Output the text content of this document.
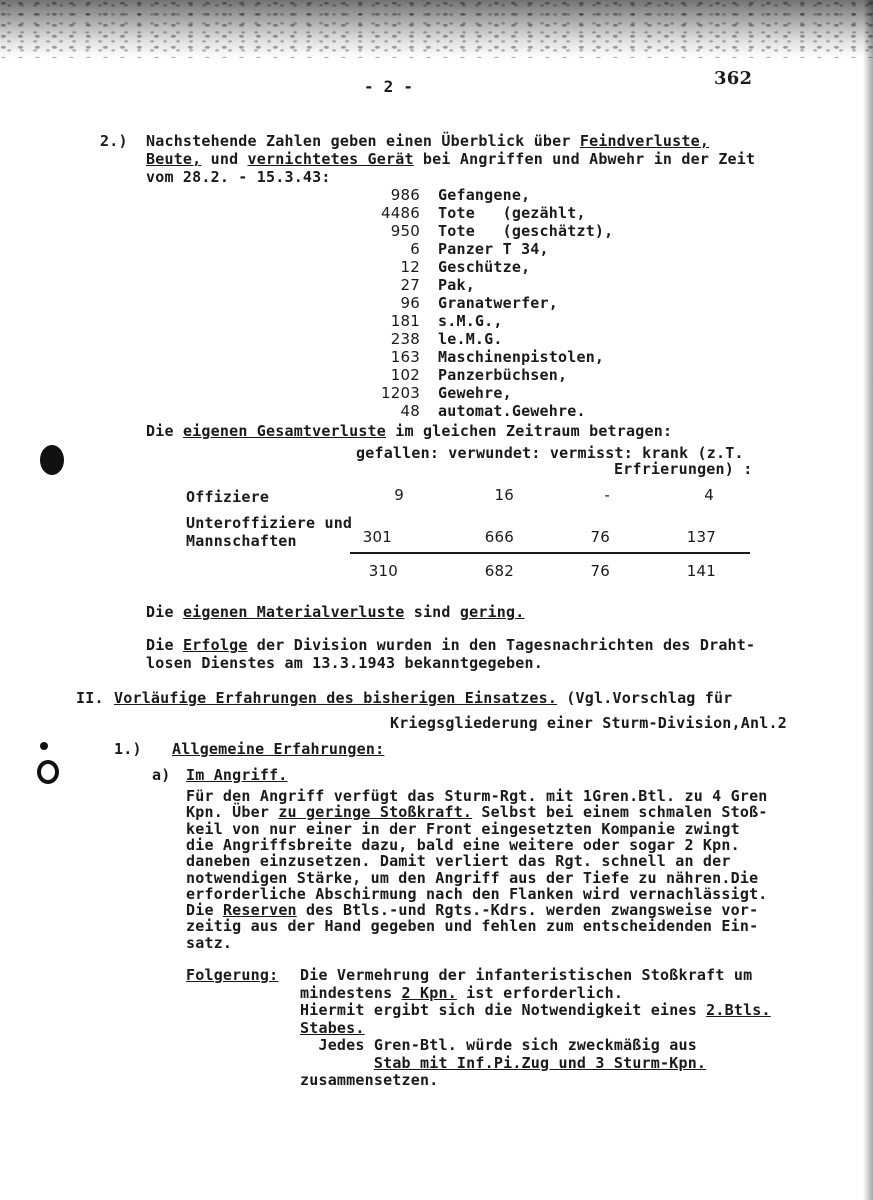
- 2 -	362
2.) Nachstehende Zahlen geben einen Überblick über Feindverluste,
Beute, und vernichtetes Gerät bei Angriffen und Abwehr in der Zeit
vom 28.2. - 15.3.43:
986 Gefangene,
4486 Tote   (gezählt,
950 Tote   (geschätzt),
6 Panzer T 34,
12 Geschütze,
27 Pak,
96 Granatwerfer,
181 s.M.G.,
238 le.M.G.
163 Maschinenpistolen,
102 Panzerbüchsen,
1203 Gewehre,
48 automat.Gewehre.
Die eigenen Gesamtverluste im gleichen Zeitraum betragen:
gefallen: verwundet: vermisst: krank (z.T.
Erfrierungen) :
Offiziere	9	16	-	4
Unteroffiziere und
Mannschaften	301	666	76	137
310	682	76	141
Die eigenen Materialverluste sind gering.
Die Erfolge der Division wurden in den Tagesnachrichten des Draht-
losen Dienstes am 13.3.1943 bekanntgegeben.
II. Vorläufige Erfahrungen des bisherigen Einsatzes. (Vgl.Vorschlag für
Kriegsgliederung einer Sturm-Division,Anl.2
1.) Allgemeine Erfahrungen:
a) Im Angriff.
Für den Angriff verfügt das Sturm-Rgt. mit 1Gren.Btl. zu 4 Gren
Kpn. Über zu geringe Stoßkraft. Selbst bei einem schmalen Stoß-
keil von nur einer in der Front eingesetzten Kompanie zwingt
die Angriffsbreite dazu, bald eine weitere oder sogar 2 Kpn.
daneben einzusetzen. Damit verliert das Rgt. schnell an der
notwendigen Stärke, um den Angriff aus der Tiefe zu nähren.Die
erforderliche Abschirmung nach den Flanken wird vernachlässigt.
Die Reserven des Btls.-und Rgts.-Kdrs. werden zwangsweise vor-
zeitig aus der Hand gegeben und fehlen zum entscheidenden Ein-
satz.
Folgerung: Die Vermehrung der infanteristischen Stoßkraft um
mindestens 2 Kpn. ist erforderlich.
Hiermit ergibt sich die Notwendigkeit eines 2.Btls.
Stabes.
Jedes Gren-Btl. würde sich zweckmäßig aus
Stab mit Inf.Pi.Zug und 3 Sturm-Kpn.
zusammensetzen.
